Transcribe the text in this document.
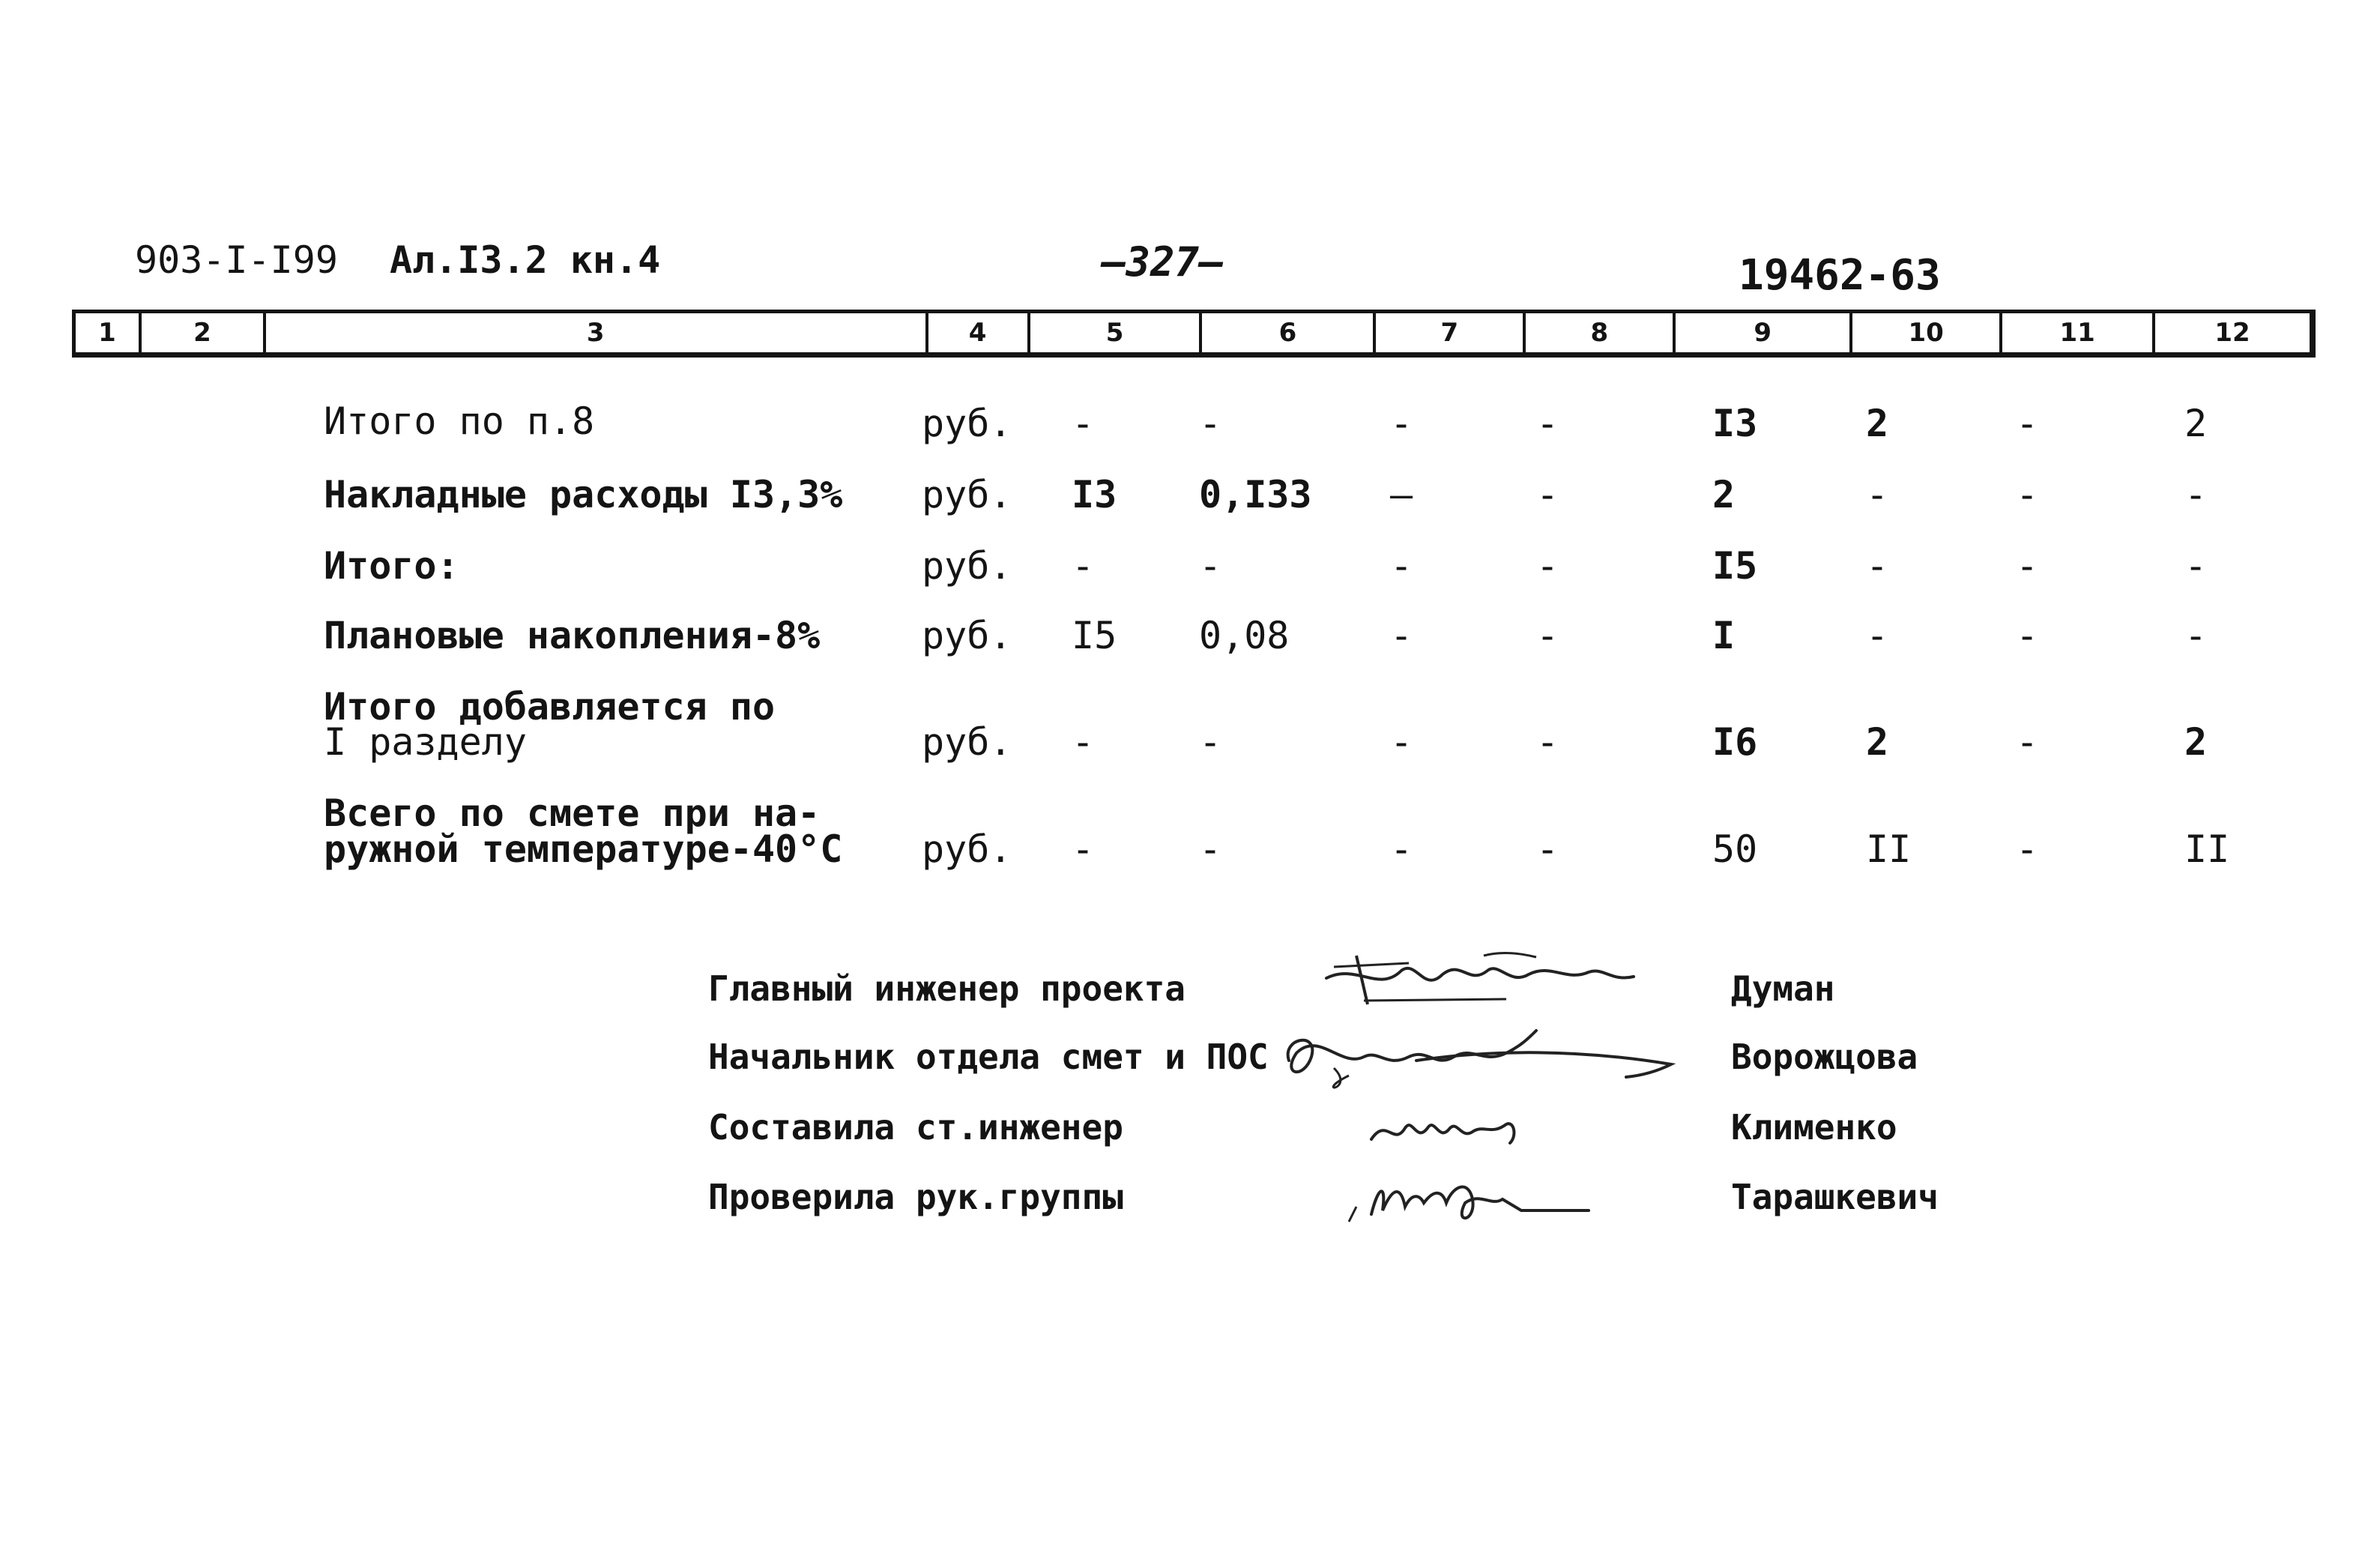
903-I-I99 Ал.I3.2 кн.4	—327—	19462-63
1	2	3	4	5	6	7	8	9	10	11	12
Итого по п.8	руб. -	-	-	-	I3	2	-	2
Накладные расходы I3,3% руб. I3 0,I33 —	-	2	-	-	-
Итого:	руб. -	-	-	-	I5	-	-	-
Плановые накопления-8%	руб. I5 0,08	-	-	I	-	-	-
Итого добавляется по
I разделу	руб. -	-	-	-	I6	2	-	2
Всего по смете при на-
ружной температуре-40°С руб. -	-	-	-	50	II	-	II
Главный инженер проекта	Думан
Начальник отдела смет и ПОС	Ворожцова
Составила ст.инженер	Клименко
Проверила рук.группы	Тарашкевич
